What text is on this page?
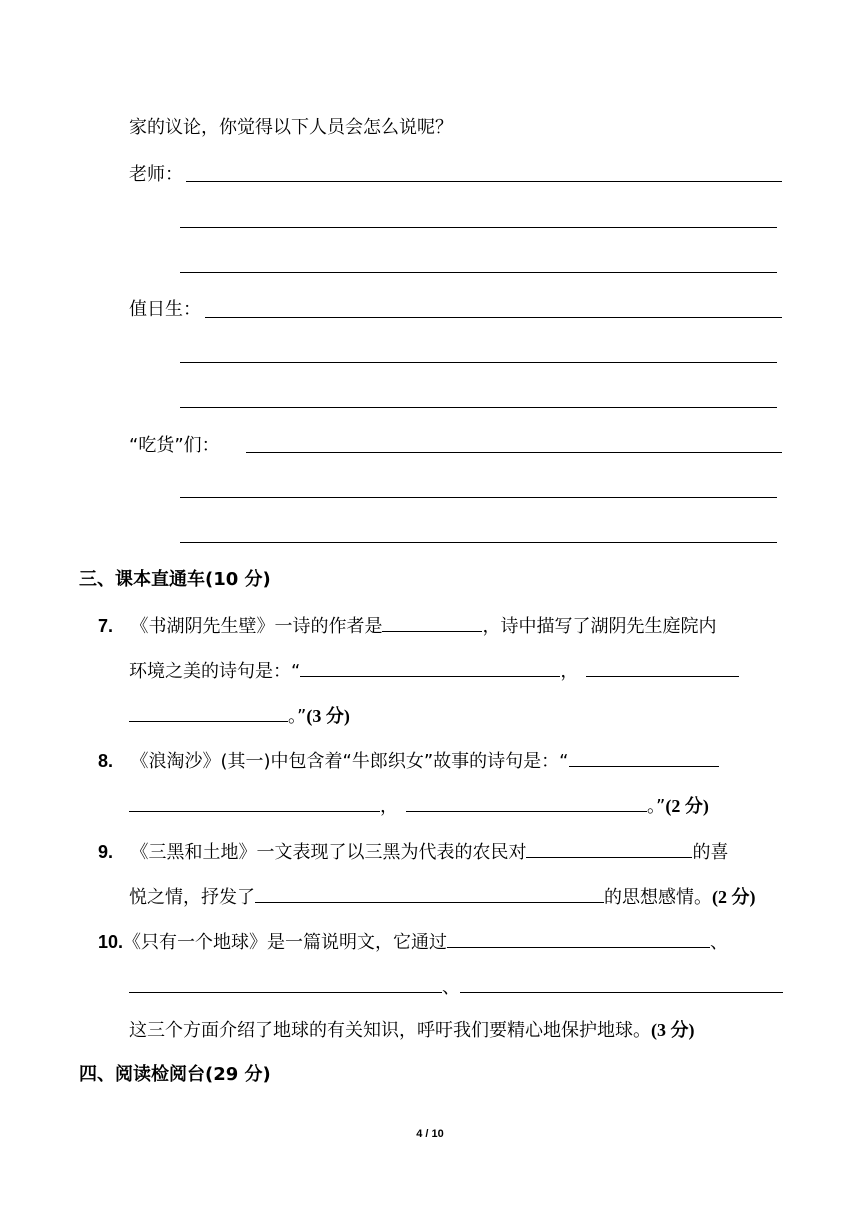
家的议论，你觉得以下人员会怎么说呢？
老师：
值日生：
“吃货”们：
三、课本直通车(10 分)
7. 《书湖阴先生壁》一诗的作者是	，诗中描写了湖阴先生庭院内
环境之美的诗句是：“	，
。”(3 分)
8. 《浪淘沙》(其一)中包含着“牛郎织女”故事的诗句是：“
，	。”(2 分)
9. 《三黑和土地》一文表现了以三黑为代表的农民对	的喜
悦之情，抒发了	的思想感情。(2 分)
10.《只有一个地球》是一篇说明文，它通过	、
、
这三个方面介绍了地球的有关知识，呼吁我们要精心地保护地球。(3 分)
四、阅读检阅台(29 分)
4 / 10
